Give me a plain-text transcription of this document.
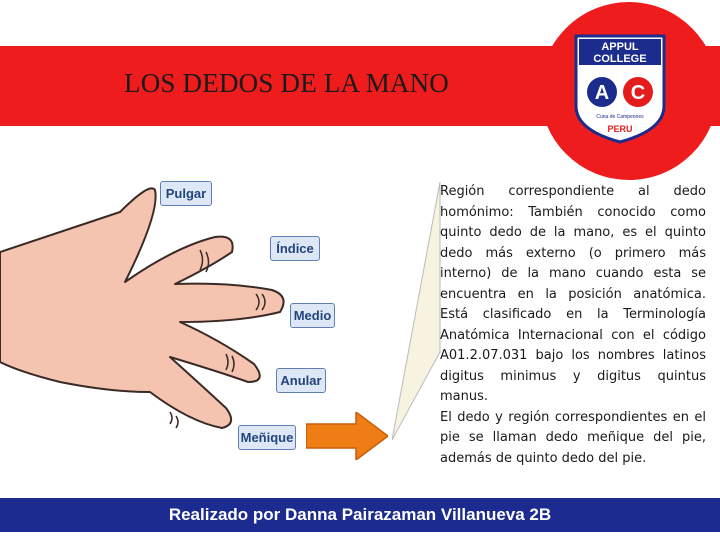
LOS DEDOS DE LA MANO
APPUL
COLLEGE
A C
Cuna de Campeones
PERU
Pulgar
Índice
Medio
Anular
Meñique

Región correspondiente al dedo homónimo: También conocido como quinto dedo de la mano, es el quinto dedo más externo (o primero más interno) de la mano cuando esta se encuentra en la posición anatómica. Está clasificado en la Terminología Anatómica Internacional con el código A01.2.07.031 bajo los nombres latinos digitus minimus y digitus quintus manus.

El dedo y región correspondientes en el pie se llaman dedo meñique del pie, además de quinto dedo del pie.

Realizado por Danna Pairazaman Villanueva 2B
